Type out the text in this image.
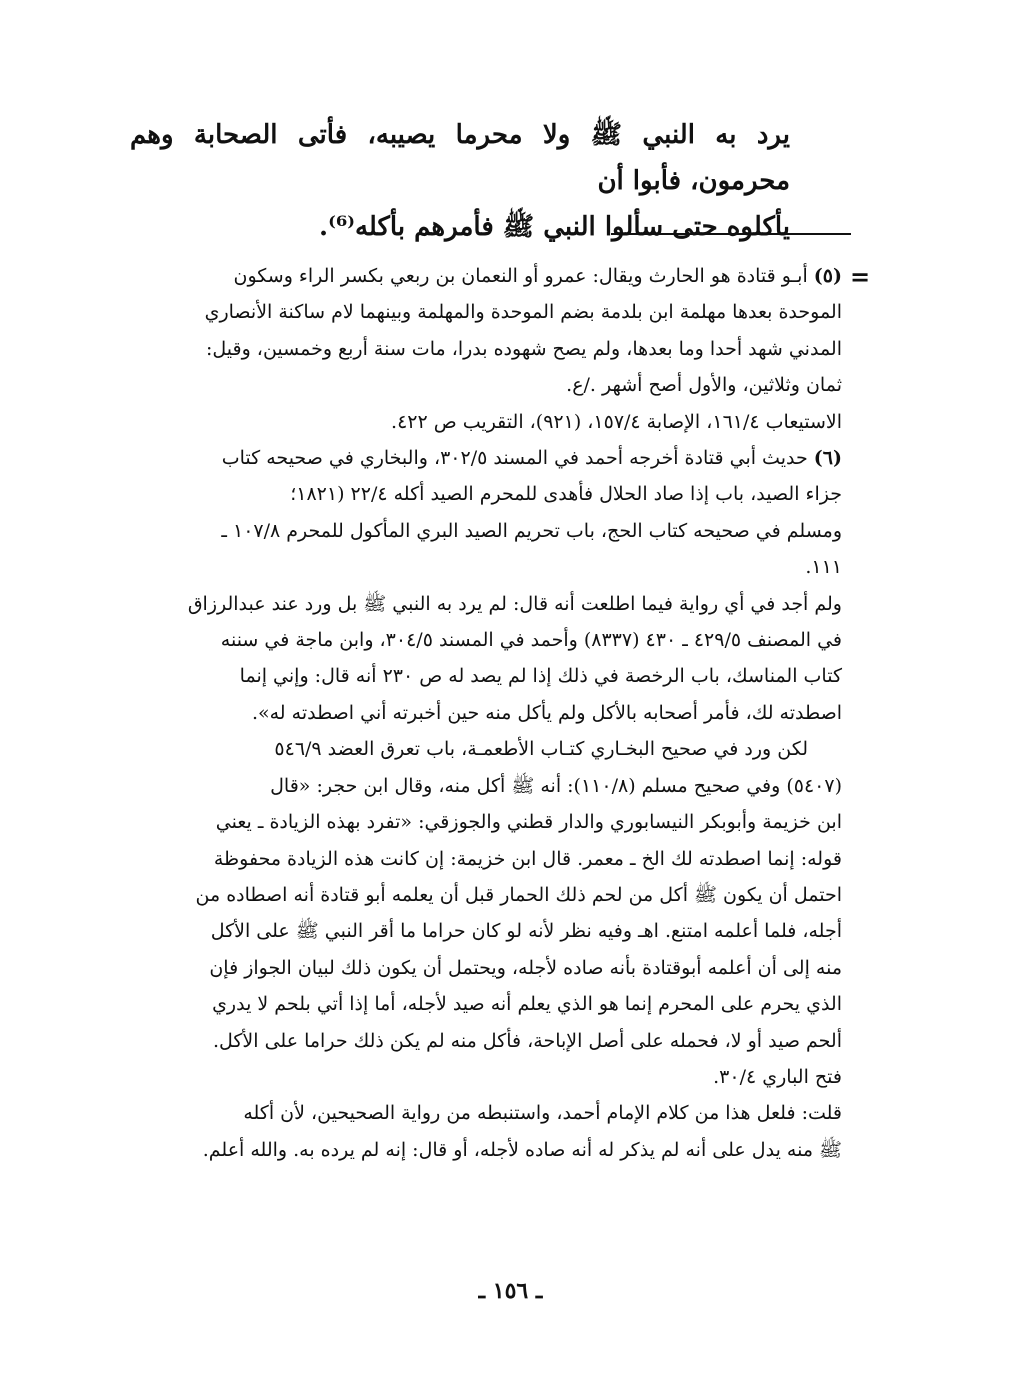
يرد به النبي ﷺ ولا محرما يصيبه، فأتى الصحابة وهم محرمون، فأبوا أن

يأكلوه حتى سألوا النبي ﷺ فأمرهم بأكله⁽⁶⁾.

=

(٥) أبـو قتادة هو الحارث ويقال: عمرو أو النعمان بن ربعي بكسر الراء وسكون

الموحدة بعدها مهلمة ابن بلدمة بضم الموحدة والمهلمة وبينهما لام ساكنة الأنصاري

المدني شهد أحدا وما بعدها، ولم يصح شهوده بدرا، مات سنة أربع وخمسين، وقيل:

ثمان وثلاثين، والأول أصح أشهر ./ع.

الاستيعاب ١٦١/٤، الإصابة ١٥٧/٤، (٩٢١)، التقريب ص ٤٢٢.

(٦) حديث أبي قتادة أخرجه أحمد في المسند ٣٠٢/٥، والبخاري في صحيحه كتاب

جزاء الصيد، باب إذا صاد الحلال فأهدى للمحرم الصيد أكله ٢٢/٤ (١٨٢١؛

ومسلم في صحيحه كتاب الحج، باب تحريم الصيد البري المأكول للمحرم ١٠٧/٨ ـ

١١١.

ولم أجد في أي رواية فيما اطلعت أنه قال: لم يرد به النبي ﷺ بل ورد عند عبدالرزاق

في المصنف ٤٢٩/٥ ـ ٤٣٠ (٨٣٣٧) وأحمد في المسند ٣٠٤/٥، وابن ماجة في سننه

كتاب المناسك، باب الرخصة في ذلك إذا لم يصد له ص ٢٣٠ أنه قال: وإني إنما

اصطدته لك، فأمر أصحابه بالأكل ولم يأكل منه حين أخبرته أني اصطدته له».

لكن ورد في صحيح البخـاري كتـاب الأطعمـة، باب تعرق العضد ٥٤٦/٩

(٥٤٠٧) وفي صحيح مسلم (١١٠/٨): أنه ﷺ أكل منه، وقال ابن حجر: «قال

ابن خزيمة وأبوبكر النيسابوري والدار قطني والجوزقي: «تفرد بهذه الزيادة ـ يعني

قوله: إنما اصطدته لك الخ ـ معمر. قال ابن خزيمة: إن كانت هذه الزيادة محفوظة

احتمل أن يكون ﷺ أكل من لحم ذلك الحمار قبل أن يعلمه أبو قتادة أنه اصطاده من

أجله، فلما أعلمه امتنع. اهـ وفيه نظر لأنه لو كان حراما ما أقر النبي ﷺ على الأكل

منه إلى أن أعلمه أبوقتادة بأنه صاده لأجله، ويحتمل أن يكون ذلك لبيان الجواز فإن

الذي يحرم على المحرم إنما هو الذي يعلم أنه صيد لأجله، أما إذا أتي بلحم لا يدري

ألحم صيد أو لا، فحمله على أصل الإباحة، فأكل منه لم يكن ذلك حراما على الأكل.

فتح الباري ٣٠/٤.

قلت: فلعل هذا من كلام الإمام أحمد، واستنبطه من رواية الصحيحين، لأن أكله

ﷺ منه يدل على أنه لم يذكر له أنه صاده لأجله، أو قال: إنه لم يرده به. والله أعلم.

ـ ١٥٦ ـ
